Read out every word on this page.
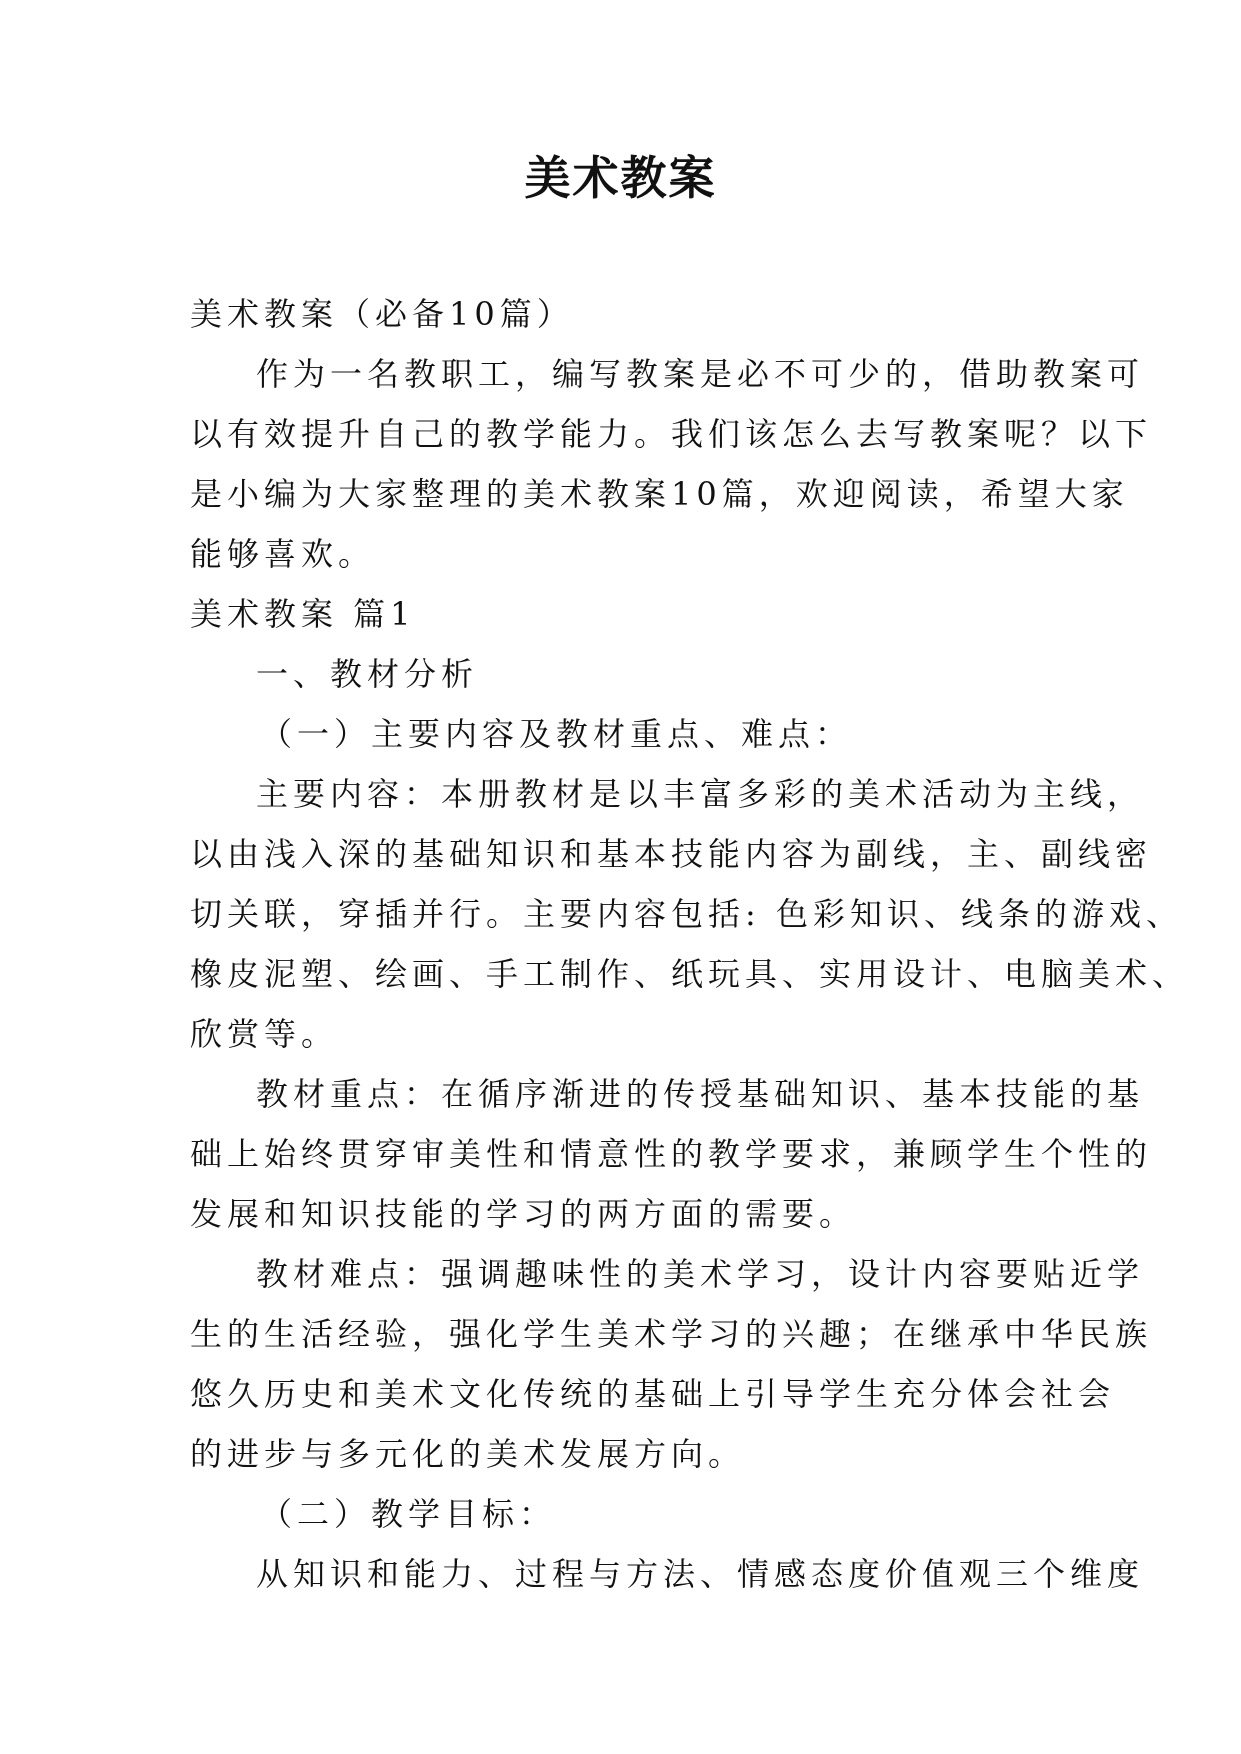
美术教案

美术教案（必备10篇）

作为一名教职工，编写教案是必不可少的，借助教案可

以有效提升自己的教学能力。我们该怎么去写教案呢？以下

是小编为大家整理的美术教案10篇，欢迎阅读，希望大家

能够喜欢。

美术教案 篇1

一、教材分析

（一）主要内容及教材重点、难点：

主要内容：本册教材是以丰富多彩的美术活动为主线，

以由浅入深的基础知识和基本技能内容为副线，主、副线密

切关联，穿插并行。主要内容包括: 色彩知识、线条的游戏、

橡皮泥塑、绘画、手工制作、纸玩具、实用设计、电脑美术、

欣赏等。

教材重点：在循序渐进的传授基础知识、基本技能的基

础上始终贯穿审美性和情意性的教学要求，兼顾学生个性的

发展和知识技能的学习的两方面的需要。

教材难点：强调趣味性的美术学习，设计内容要贴近学

生的生活经验，强化学生美术学习的兴趣；在继承中华民族

悠久历史和美术文化传统的基础上引导学生充分体会社会

的进步与多元化的美术发展方向。

（二）教学目标：

从知识和能力、过程与方法、情感态度价值观三个维度
